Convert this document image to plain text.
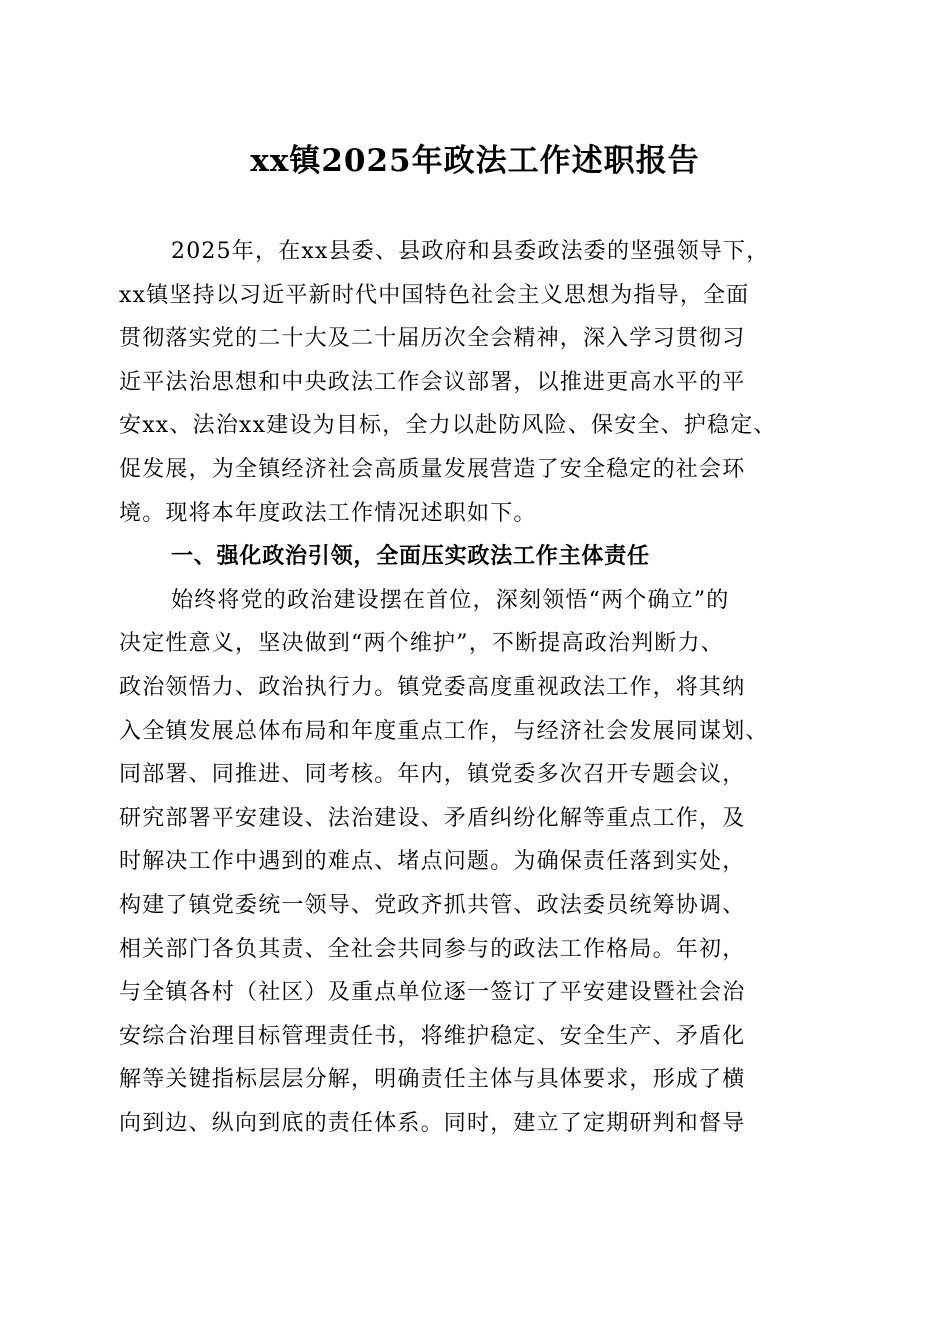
xx镇2025年政法工作述职报告
2025年，在xx县委、县政府和县委政法委的坚强领导下，
xx镇坚持以习近平新时代中国特色社会主义思想为指导，全面
贯彻落实党的二十大及二十届历次全会精神，深入学习贯彻习
近平法治思想和中央政法工作会议部署，以推进更高水平的平
安xx、法治xx建设为目标，全力以赴防风险、保安全、护稳定、
促发展，为全镇经济社会高质量发展营造了安全稳定的社会环
境。现将本年度政法工作情况述职如下。
一、强化政治引领，全面压实政法工作主体责任
始终将党的政治建设摆在首位，深刻领悟“两个确立”的
决定性意义，坚决做到“两个维护”，不断提高政治判断力、
政治领悟力、政治执行力。镇党委高度重视政法工作，将其纳
入全镇发展总体布局和年度重点工作，与经济社会发展同谋划、
同部署、同推进、同考核。年内，镇党委多次召开专题会议，
研究部署平安建设、法治建设、矛盾纠纷化解等重点工作，及
时解决工作中遇到的难点、堵点问题。为确保责任落到实处，
构建了镇党委统一领导、党政齐抓共管、政法委员统筹协调、
相关部门各负其责、全社会共同参与的政法工作格局。年初，
与全镇各村（社区）及重点单位逐一签订了平安建设暨社会治
安综合治理目标管理责任书，将维护稳定、安全生产、矛盾化
解等关键指标层层分解，明确责任主体与具体要求，形成了横
向到边、纵向到底的责任体系。同时，建立了定期研判和督导
